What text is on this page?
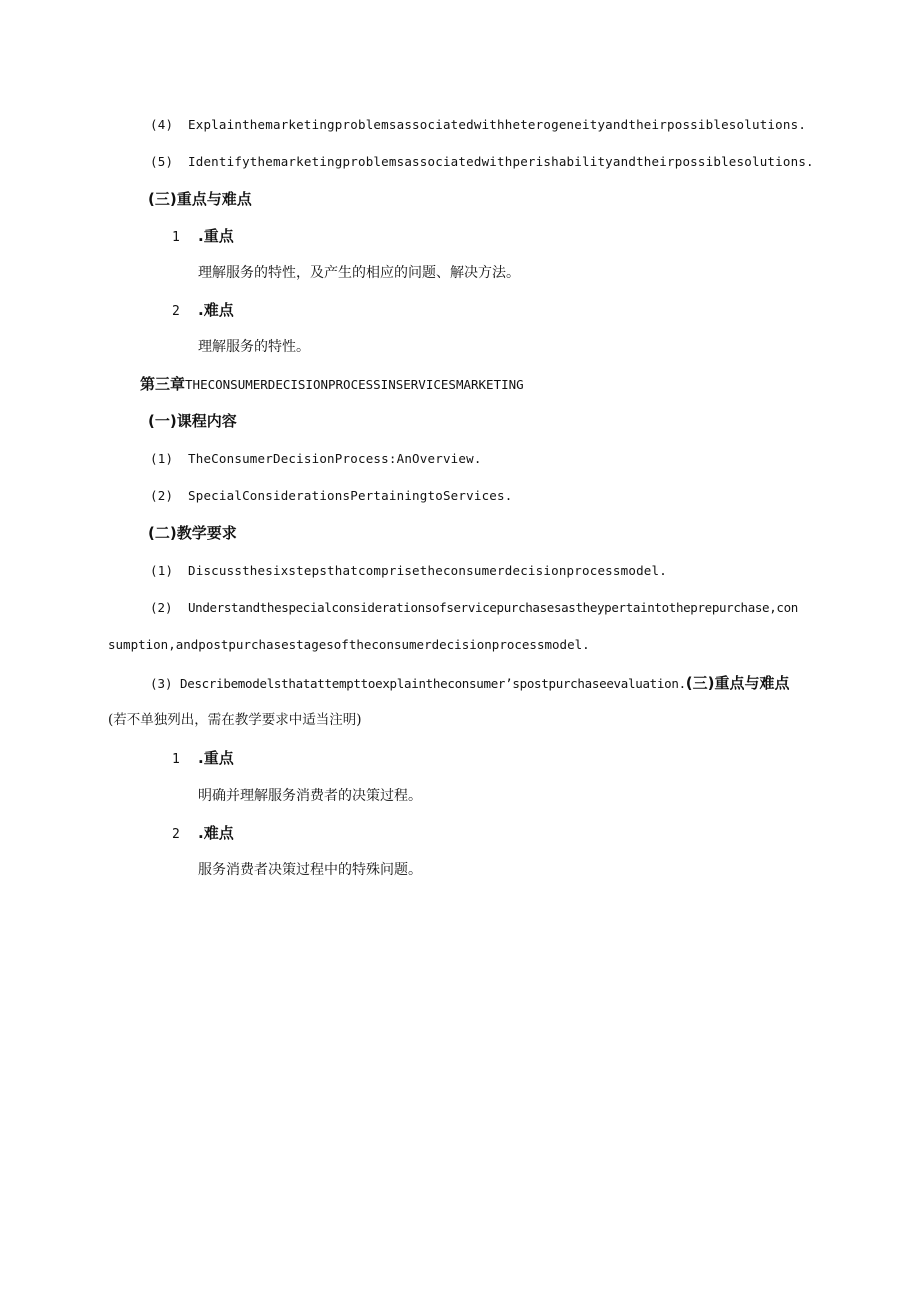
(4) Explainthemarketingproblemsassociatedwithheterogeneityandtheirpossiblesolutions.
(5) Identifythemarketingproblemsassociatedwithperishabilityandtheirpossiblesolutions.
(三)重点与难点
1 .重点
理解服务的特性，及产生的相应的问题、解决方法。
2 .难点
理解服务的特性。
第三章THECONSUMERDECISIONPROCESSINSERVICESMARKETING
(一)课程内容
(1) TheConsumerDecisionProcess:AnOverview.
(2) SpecialConsiderationsPertainingtoServices.
(二)教学要求
(1) Discussthesixstepsthatcomprisetheconsumerdecisionprocessmodel.
(2) Understandthespecialconsiderationsofservicepurchasesastheypertaintotheprepurchase,con
sumption,andpostpurchasestagesoftheconsumerdecisionprocessmodel.
(3) Describemodelsthatattempttoexplaintheconsumer’spostpurchaseevaluation.(三)重点与难点
(若不单独列出，需在教学要求中适当注明)
1 .重点
明确并理解服务消费者的决策过程。
2 .难点
服务消费者决策过程中的特殊问题。
